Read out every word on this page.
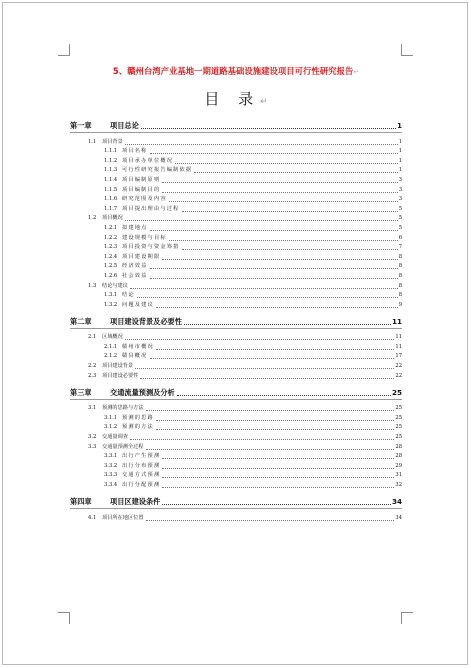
5、赣州台湾产业基地一期道路基础设施建设项目可行性研究报告↵
目 录↵
第一章	项目总论	1
1.1	项目背景	1
1.1.1 项目名称	1
1.1.2 项目承办单位概况	1
1.1.3 可行性研究报告编制依据	1
1.1.4 项目编制原则	3
1.1.5 项目编制目的	3
1.1.6 研究范围及内容	3
1.1.7 项目提出理由与过程	5
1.2	项目概况	5
1.2.1 拟建地点	5
1.2.2 建设规模与目标	6
1.2.3 项目投资与资金筹措	7
1.2.4 项目建设期限	8
1.2.5 经济效益	8
1.2.6 社会效益	8
1.3	结论与建议	8
1.3.1 结论	8
1.3.2 问题及建议	9
第二章	项目建设背景及必要性	11
2.1	区域概况	11
2.1.1 赣州市概况	11
2.1.2 赣县概况	17
2.2	项目建设背景	22
2.3	项目建设必要性	22
第三章	交通流量预测及分析	25
3.1	预测的思路与方法	25
3.1.1 预测的思路	25
3.1.2 预测的方法	25
3.2	交通量调查	25
3.3	交通量预测全过程	28
3.3.1 出行产生预测	28
3.3.2 出行分布预测	29
3.3.3 交通方式预测	31
3.3.4 出行分配预测	32
第四章	项目区建设条件	34
4.1	项目所在地区位置	34
